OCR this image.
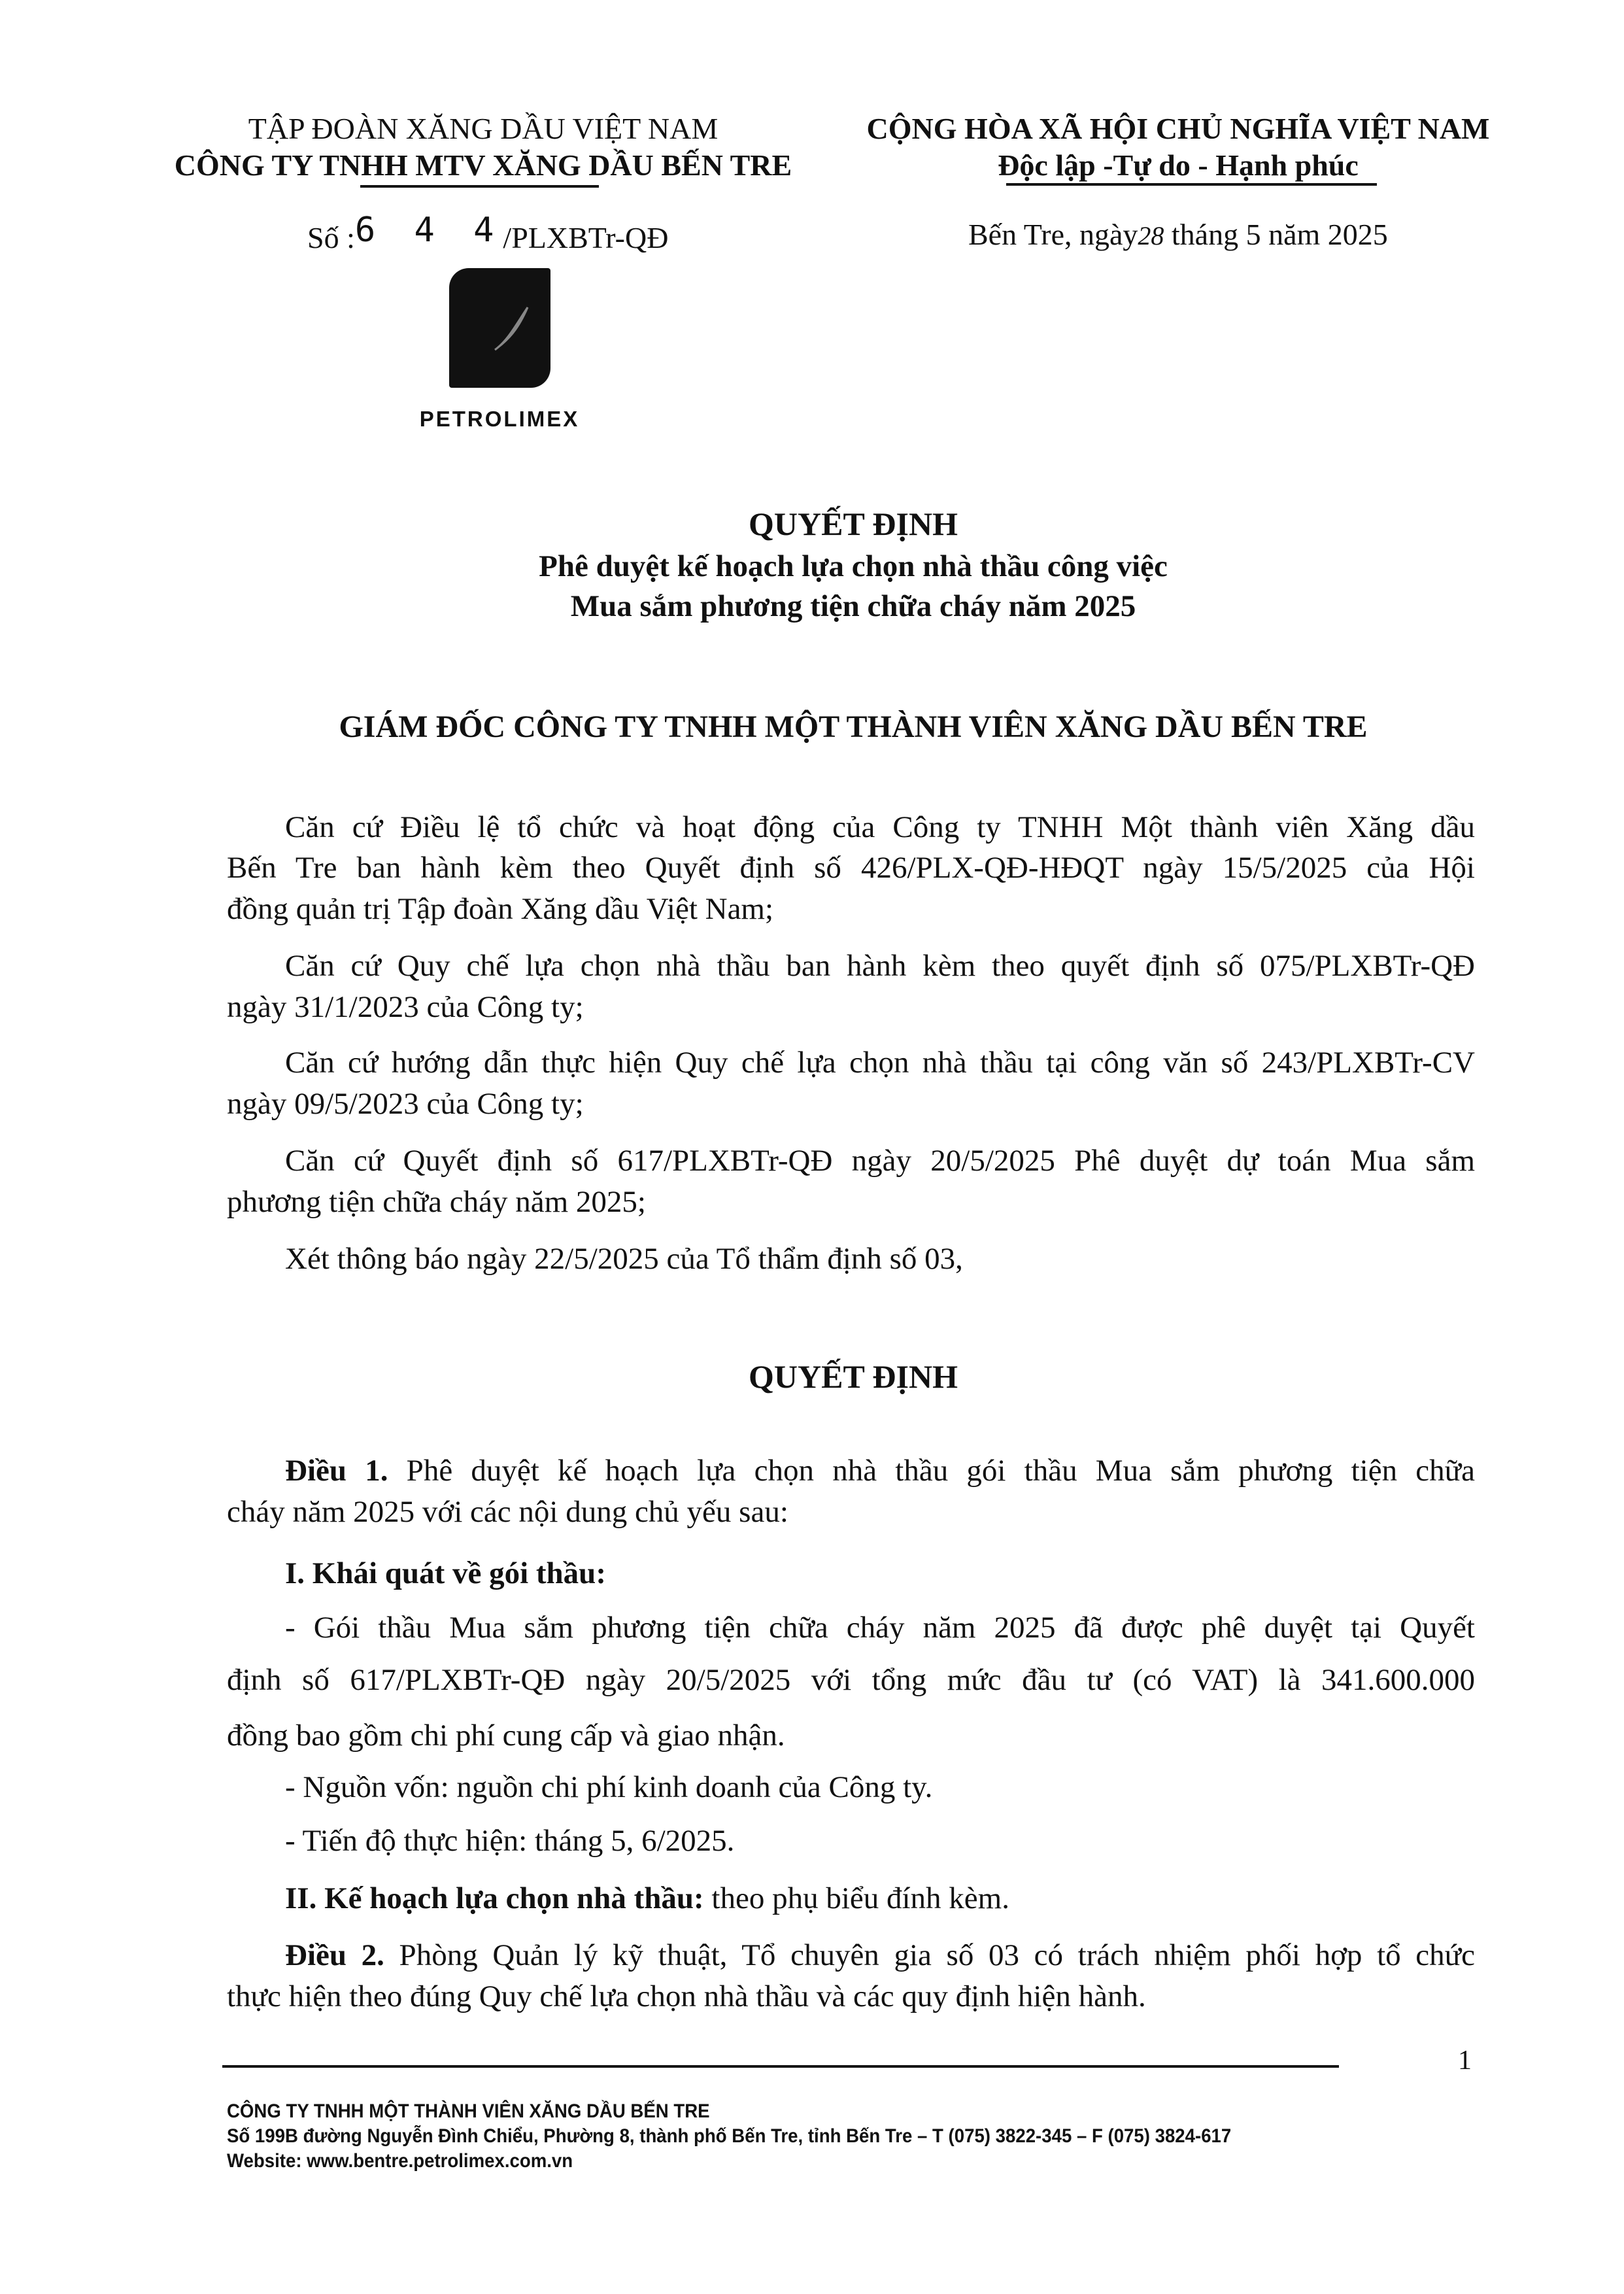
TẬP ĐOÀN XĂNG DẦU VIỆT NAM
CÔNG TY TNHH MTV XĂNG DẦU BẾN TRE
CỘNG HÒA XÃ HỘI CHỦ NGHĨA VIỆT NAM
Độc lập -Tự do - Hạnh phúc
Số :6 4 4/PLXBTr-QĐ	Bến Tre, ngày28 tháng 5 năm 2025
PETROLIMEX
QUYẾT ĐỊNH
Phê duyệt kế hoạch lựa chọn nhà thầu công việc
Mua sắm phương tiện chữa cháy năm 2025
GIÁM ĐỐC CÔNG TY TNHH MỘT THÀNH VIÊN XĂNG DẦU BẾN TRE
Căn cứ Điều lệ tổ chức và hoạt động của Công ty TNHH Một thành viên Xăng dầu
Bến Tre ban hành kèm theo Quyết định số 426/PLX-QĐ-HĐQT ngày 15/5/2025 của Hội
đồng quản trị Tập đoàn Xăng dầu Việt Nam;
Căn cứ Quy chế lựa chọn nhà thầu ban hành kèm theo quyết định số 075/PLXBTr-QĐ
ngày 31/1/2023 của Công ty;
Căn cứ hướng dẫn thực hiện Quy chế lựa chọn nhà thầu tại công văn số 243/PLXBTr-CV
ngày 09/5/2023 của Công ty;
Căn cứ Quyết định số 617/PLXBTr-QĐ ngày 20/5/2025 Phê duyệt dự toán Mua sắm
phương tiện chữa cháy năm 2025;
Xét thông báo ngày 22/5/2025 của Tổ thẩm định số 03,
QUYẾT ĐỊNH
Điều 1. Phê duyệt kế hoạch lựa chọn nhà thầu gói thầu Mua sắm phương tiện chữa
cháy năm 2025 với các nội dung chủ yếu sau:
I. Khái quát về gói thầu:
- Gói thầu Mua sắm phương tiện chữa cháy năm 2025 đã được phê duyệt tại Quyết
định số 617/PLXBTr-QĐ ngày 20/5/2025 với tổng mức đầu tư (có VAT) là 341.600.000
đồng bao gồm chi phí cung cấp và giao nhận.
- Nguồn vốn: nguồn chi phí kinh doanh của Công ty.
- Tiến độ thực hiện: tháng 5, 6/2025.
II. Kế hoạch lựa chọn nhà thầu: theo phụ biểu đính kèm.
Điều 2. Phòng Quản lý kỹ thuật, Tổ chuyên gia số 03 có trách nhiệm phối hợp tổ chức
thực hiện theo đúng Quy chế lựa chọn nhà thầu và các quy định hiện hành.
1
CÔNG TY TNHH MỘT THÀNH VIÊN XĂNG DẦU BẾN TRE
Số 199B đường Nguyễn Đình Chiểu, Phường 8, thành phố Bến Tre, tỉnh Bến Tre – T (075) 3822-345 – F (075) 3824-617
Website: www.bentre.petrolimex.com.vn
